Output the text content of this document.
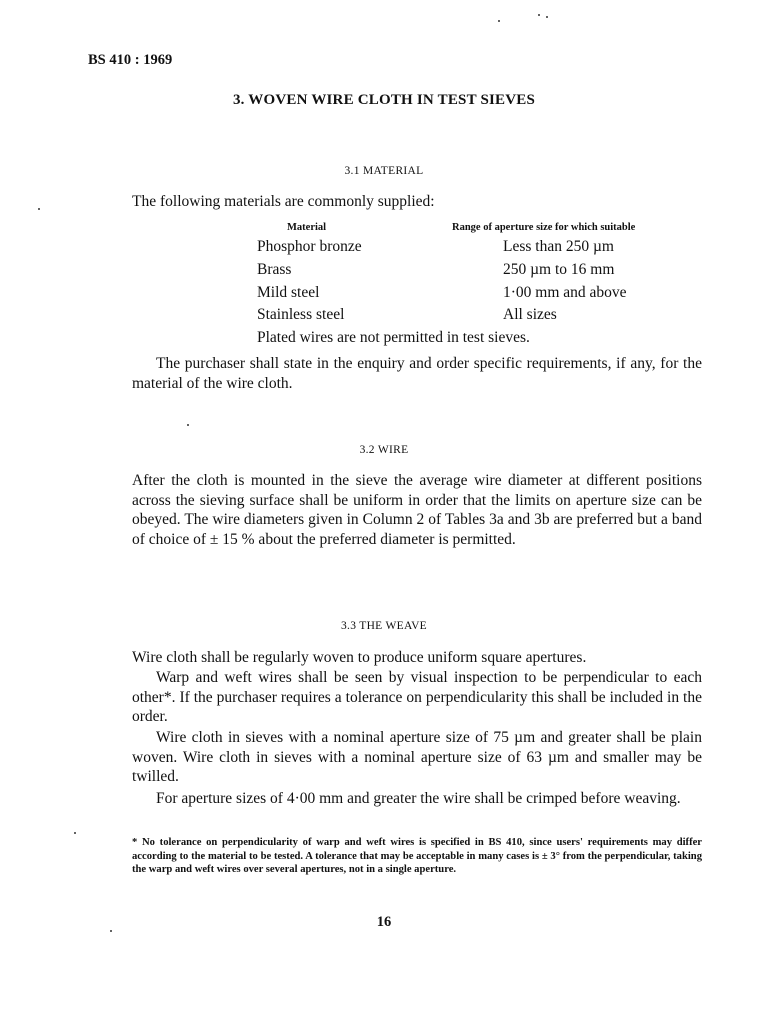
BS 410 : 1969
3. WOVEN WIRE CLOTH IN TEST SIEVES
3.1 MATERIAL
The following materials are commonly supplied:
Material	Range of aperture size for which suitable
Phosphor bronze	Less than 250 µm
Brass	250 µm to 16 mm
Mild steel	1·00 mm and above
Stainless steel	All sizes
Plated wires are not permitted in test sieves.
The purchaser shall state in the enquiry and order specific requirements, if any, for the material of the wire cloth.
3.2 WIRE
After the cloth is mounted in the sieve the average wire diameter at different positions across the sieving surface shall be uniform in order that the limits on aperture size can be obeyed. The wire diameters given in Column 2 of Tables 3a and 3b are preferred but a band of choice of ± 15 % about the preferred diameter is permitted.
3.3 THE WEAVE
Wire cloth shall be regularly woven to produce uniform square apertures.
Warp and weft wires shall be seen by visual inspection to be perpendicular to each other*. If the purchaser requires a tolerance on perpendicularity this shall be included in the order.
Wire cloth in sieves with a nominal aperture size of 75 µm and greater shall be plain woven. Wire cloth in sieves with a nominal aperture size of 63 µm and smaller may be twilled.
For aperture sizes of 4·00 mm and greater the wire shall be crimped before weaving.
* No tolerance on perpendicularity of warp and weft wires is specified in BS 410, since users' requirements may differ according to the material to be tested. A tolerance that may be acceptable in many cases is ± 3° from the perpendicular, taking the warp and weft wires over several apertures, not in a single aperture.
16
